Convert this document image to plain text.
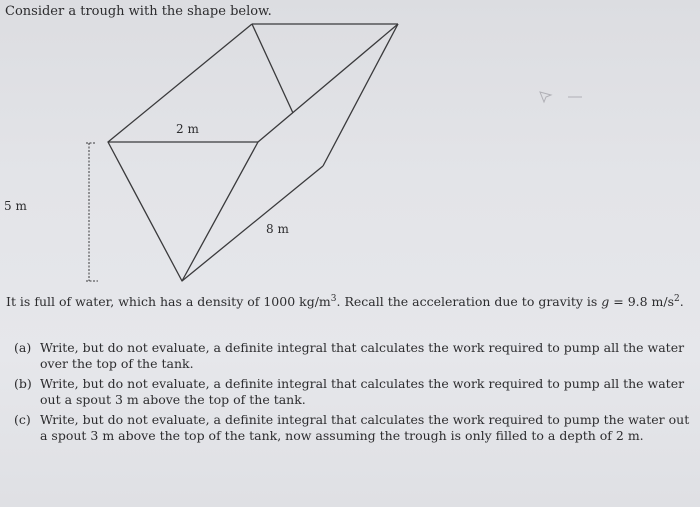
Consider a trough with the shape below.
2 m
5 m
8 m
It is full of water, which has a density of 1000 $kg/m^3$. Recall the acceleration due to gravity is g = 9.8 $m/s^2$.
(a) Write, but do not evaluate, a definite integral that calculates the work required to pump all the water over the top of the tank.
(b) Write, but do not evaluate, a definite integral that calculates the work required to pump all the water out a spout 3 m above the top of the tank.
(c) Write, but do not evaluate, a definite integral that calculates the work required to pump the water out a spout 3 m above the top of the tank, now assuming the trough is only filled to a depth of 2 m.
